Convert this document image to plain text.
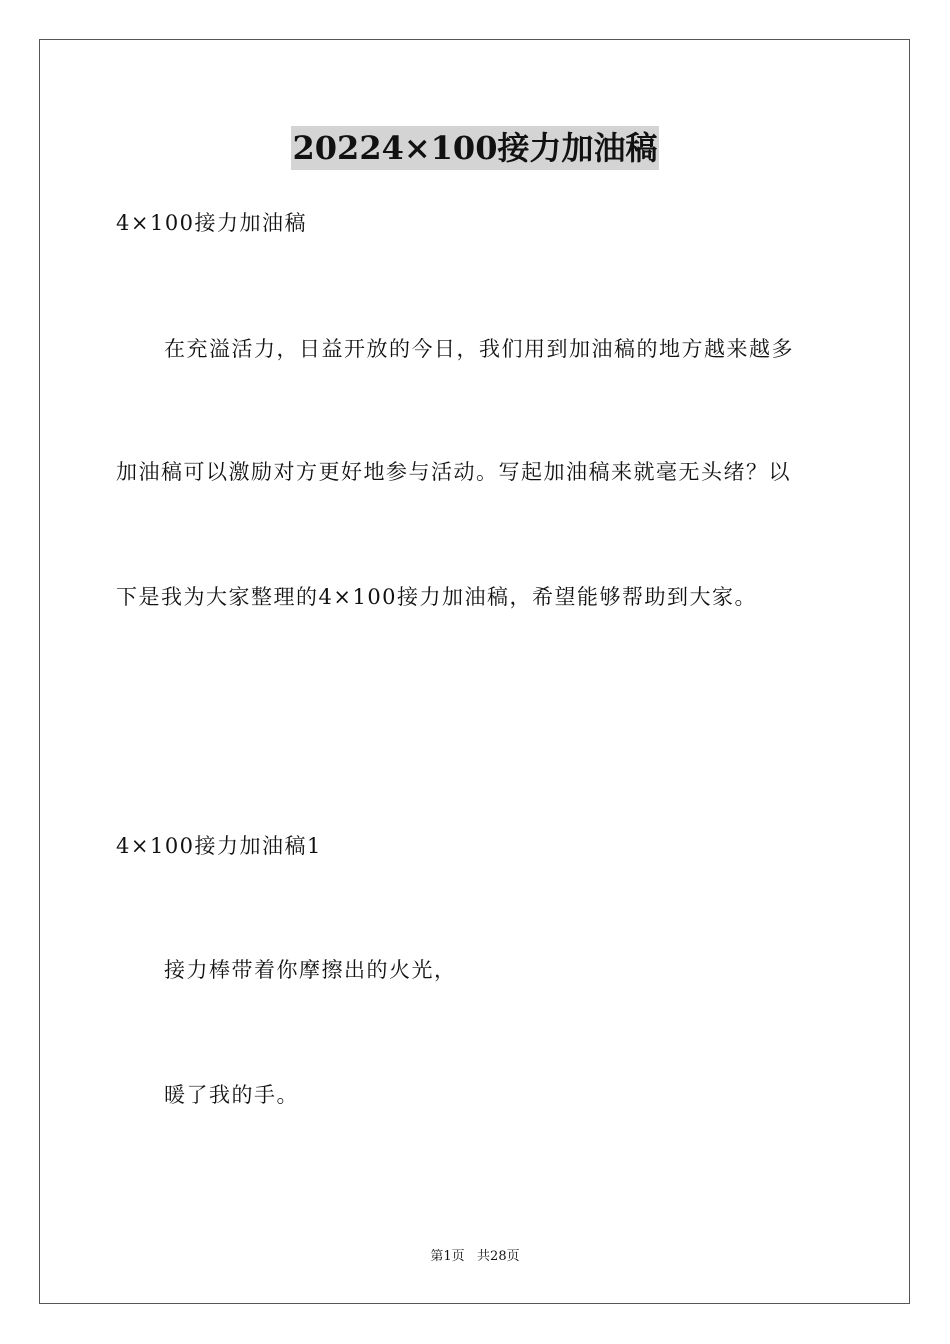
20224×100接力加油稿
4×100接力加油稿
在充溢活力，日益开放的今日，我们用到加油稿的地方越来越多
加油稿可以激励对方更好地参与活动。写起加油稿来就毫无头绪？以
下是我为大家整理的4×100接力加油稿，希望能够帮助到大家。
4×100接力加油稿1
接力棒带着你摩擦出的火光，
暖了我的手。
第1页   共28页
